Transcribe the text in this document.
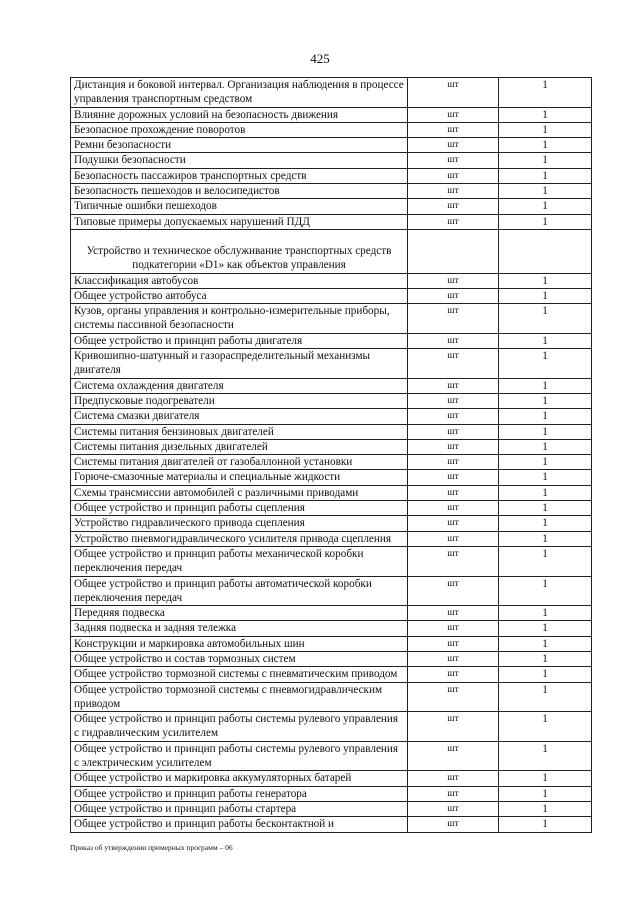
425
Дистанция и боковой интервал. Организация наблюдения в процессе управления транспортным средством	шт	1
Влияние дорожных условий на безопасность движения	шт	1
Безопасное прохождение поворотов	шт	1
Ремни безопасности	шт	1
Подушки безопасности	шт	1
Безопасность пассажиров транспортных средств	шт	1
Безопасность пешеходов и велосипедистов	шт	1
Типичные ошибки пешеходов	шт	1
Типовые примеры допускаемых нарушений ПДД	шт	1
Устройство и техническое обслуживание транспортных средств подкатегории «D1» как объектов управления		
Классификация автобусов	шт	1
Общее устройство автобуса	шт	1
Кузов, органы управления и контрольно-измерительные приборы, системы пассивной безопасности	шт	1
Общее устройство и принцип работы двигателя	шт	1
Кривошипно-шатунный и газораспределительный механизмы двигателя	шт	1
Система охлаждения двигателя	шт	1
Предпусковые подогреватели	шт	1
Система смазки двигателя	шт	1
Системы питания бензиновых двигателей	шт	1
Системы питания дизельных двигателей	шт	1
Системы питания двигателей от газобаллонной установки	шт	1
Горюче-смазочные материалы и специальные жидкости	шт	1
Схемы трансмиссии автомобилей с различными приводами	шт	1
Общее устройство и принцип работы сцепления	шт	1
Устройство гидравлического привода сцепления	шт	1
Устройство пневмогидравлического усилителя привода сцепления	шт	1
Общее устройство и принцип работы механической коробки переключения передач	шт	1
Общее устройство и принцип работы автоматической коробки переключения передач	шт	1
Передняя подвеска	шт	1
Задняя подвеска и задняя тележка	шт	1
Конструкции и маркировка автомобильных шин	шт	1
Общее устройство и состав тормозных систем	шт	1
Общее устройство тормозной системы с пневматическим приводом	шт	1
Общее устройство тормозной системы с пневмогидравлическим приводом	шт	1
Общее устройство и принцип работы системы рулевого управления с гидравлическим усилителем	шт	1
Общее устройство и принцип работы системы рулевого управления с электрическим усилителем	шт	1
Общее устройство и маркировка аккумуляторных батарей	шт	1
Общее устройство и принцип работы генератора	шт	1
Общее устройство и принцип работы стартера	шт	1
Общее устройство и принцип работы бесконтактной и	шт	1
Приказ об утверждении примерных программ – 06
